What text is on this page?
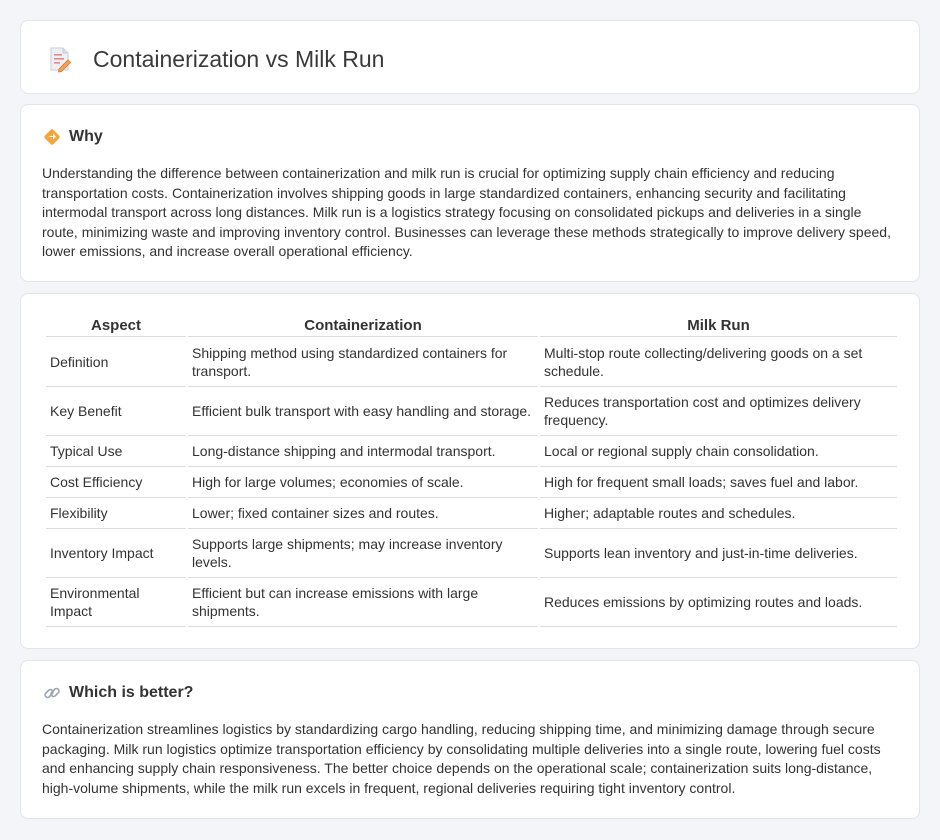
Containerization vs Milk Run
Why

Understanding the difference between containerization and milk run is crucial for optimizing supply chain efficiency and reducing transportation costs. Containerization involves shipping goods in large standardized containers, enhancing security and facilitating intermodal transport across long distances. Milk run is a logistics strategy focusing on consolidated pickups and deliveries in a single route, minimizing waste and improving inventory control. Businesses can leverage these methods strategically to improve delivery speed, lower emissions, and increase overall operational efficiency.

Aspect	Containerization	Milk Run
Definition	Shipping method using standardized containers for transport.	Multi-stop route collecting/delivering goods on a set schedule.
Key Benefit	Efficient bulk transport with easy handling and storage.	Reduces transportation cost and optimizes delivery frequency.
Typical Use	Long-distance shipping and intermodal transport.	Local or regional supply chain consolidation.
Cost Efficiency	High for large volumes; economies of scale.	High for frequent small loads; saves fuel and labor.
Flexibility	Lower; fixed container sizes and routes.	Higher; adaptable routes and schedules.
Inventory Impact	Supports large shipments; may increase inventory levels.	Supports lean inventory and just-in-time deliveries.
Environmental Impact	Efficient but can increase emissions with large shipments.	Reduces emissions by optimizing routes and loads.
Which is better?

Containerization streamlines logistics by standardizing cargo handling, reducing shipping time, and minimizing damage through secure packaging. Milk run logistics optimize transportation efficiency by consolidating multiple deliveries into a single route, lowering fuel costs and enhancing supply chain responsiveness. The better choice depends on the operational scale; containerization suits long-distance, high-volume shipments, while the milk run excels in frequent, regional deliveries requiring tight inventory control.
